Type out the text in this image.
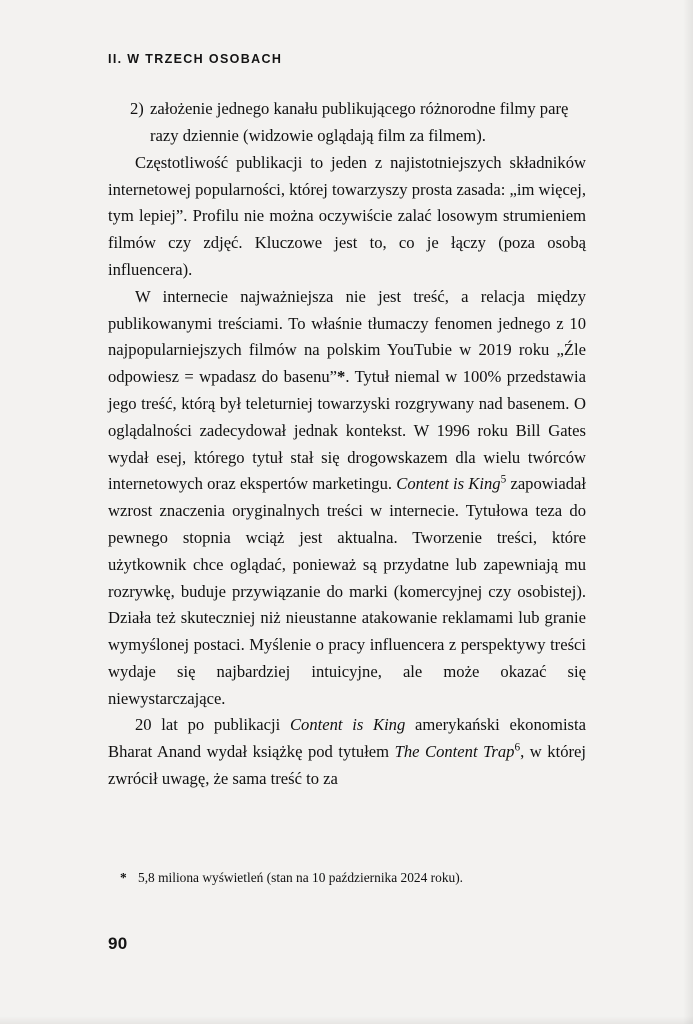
II. W TRZECH OSOBACH
2) założenie jednego kanału publikującego różnorodne filmy parę razy dziennie (widzowie oglądają film za filmem).

Częstotliwość publikacji to jeden z najistotniejszych składników internetowej popularności, której towarzyszy prosta zasada: „im więcej, tym lepiej”. Profilu nie można oczywiście zalać losowym strumieniem filmów czy zdjęć. Kluczowe jest to, co je łączy (poza osobą influencera).

W internecie najważniejsza nie jest treść, a relacja między publikowanymi treściami. To właśnie tłumaczy fenomen jednego z 10 najpopularniejszych filmów na polskim YouTubie w 2019 roku „Źle odpowiesz = wpadasz do basenu”*. Tytuł niemal w 100% przedstawia jego treść, którą był teleturniej towarzyski rozgrywany nad basenem. O oglądalności zadecydował jednak kontekst. W 1996 roku Bill Gates wydał esej, którego tytuł stał się drogowskazem dla wielu twórców internetowych oraz ekspertów marketingu. Content is King$^5$ zapowiadał wzrost znaczenia oryginalnych treści w internecie. Tytułowa teza do pewnego stopnia wciąż jest aktualna. Tworzenie treści, które użytkownik chce oglądać, ponieważ są przydatne lub zapewniają mu rozrywkę, buduje przywiązanie do marki (komercyjnej czy osobistej). Działa też skuteczniej niż nieustanne atakowanie reklamami lub granie wymyślonej postaci. Myślenie o pracy influencera z perspektywy treści wydaje się najbardziej intuicyjne, ale może okazać się niewystarczające.

20 lat po publikacji Content is King amerykański ekonomista Bharat Anand wydał książkę pod tytułem The Content Trap$^6$, w której zwrócił uwagę, że sama treść to za

* 5,8 miliona wyświetleń (stan na 10 października 2024 roku).
90
